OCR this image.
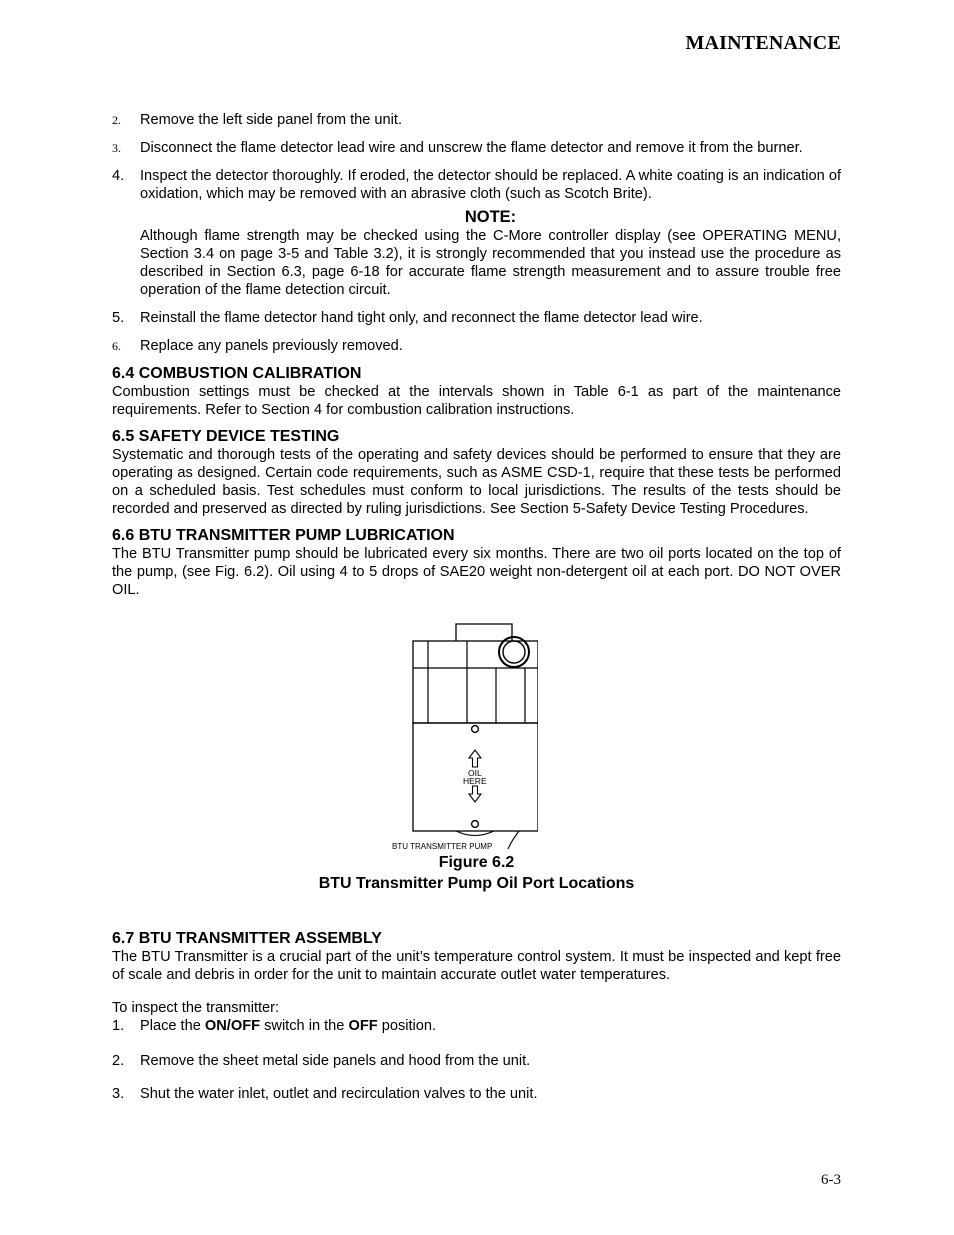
MAINTENANCE
2.	Remove the left side panel from the unit.
3.	Disconnect the flame detector lead wire and unscrew the flame detector and remove it from the burner.
4.	Inspect the detector thoroughly. If eroded, the detector should be replaced. A white coating is an indication of oxidation, which may be removed with an abrasive cloth (such as Scotch Brite).
NOTE:
Although flame strength may be checked using the C-More controller display (see OPERATING MENU, Section 3.4 on page 3-5 and Table 3.2), it is strongly recommended that you instead use the procedure as described in Section 6.3, page 6-18 for accurate flame strength measurement and to assure trouble free operation of the flame detection circuit.
5.	Reinstall the flame detector hand tight only, and reconnect the flame detector lead wire.
6.	Replace any panels previously removed.
6.4 COMBUSTION CALIBRATION
Combustion settings must be checked at the intervals shown in Table 6-1 as part of the maintenance requirements. Refer to Section 4 for combustion calibration instructions.
6.5 SAFETY DEVICE TESTING
Systematic and thorough tests of the operating and safety devices should be performed to ensure that they are operating as designed. Certain code requirements, such as ASME CSD-1, require that these tests be performed on a scheduled basis. Test schedules must conform to local jurisdictions. The results of the tests should be recorded and preserved as directed by ruling jurisdictions. See Section 5-Safety Device Testing Procedures.
6.6 BTU TRANSMITTER PUMP LUBRICATION
The BTU Transmitter pump should be lubricated every six months. There are two oil ports located on the top of the pump, (see Fig. 6.2). Oil using 4 to 5 drops of SAE20 weight non-detergent oil at each port. DO NOT OVER OIL.
OIL
HERE
BTU TRANSMITTER PUMP
Figure 6.2
BTU Transmitter Pump Oil Port Locations
6.7 BTU TRANSMITTER ASSEMBLY
The BTU Transmitter is a crucial part of the unit’s temperature control system. It must be inspected and kept free of scale and debris in order for the unit to maintain accurate outlet water temperatures.
To inspect the transmitter:
1.	Place the ON/OFF switch in the OFF position.
2.	Remove the sheet metal side panels and hood from the unit.
3.	Shut the water inlet, outlet and recirculation valves to the unit.
6-3
